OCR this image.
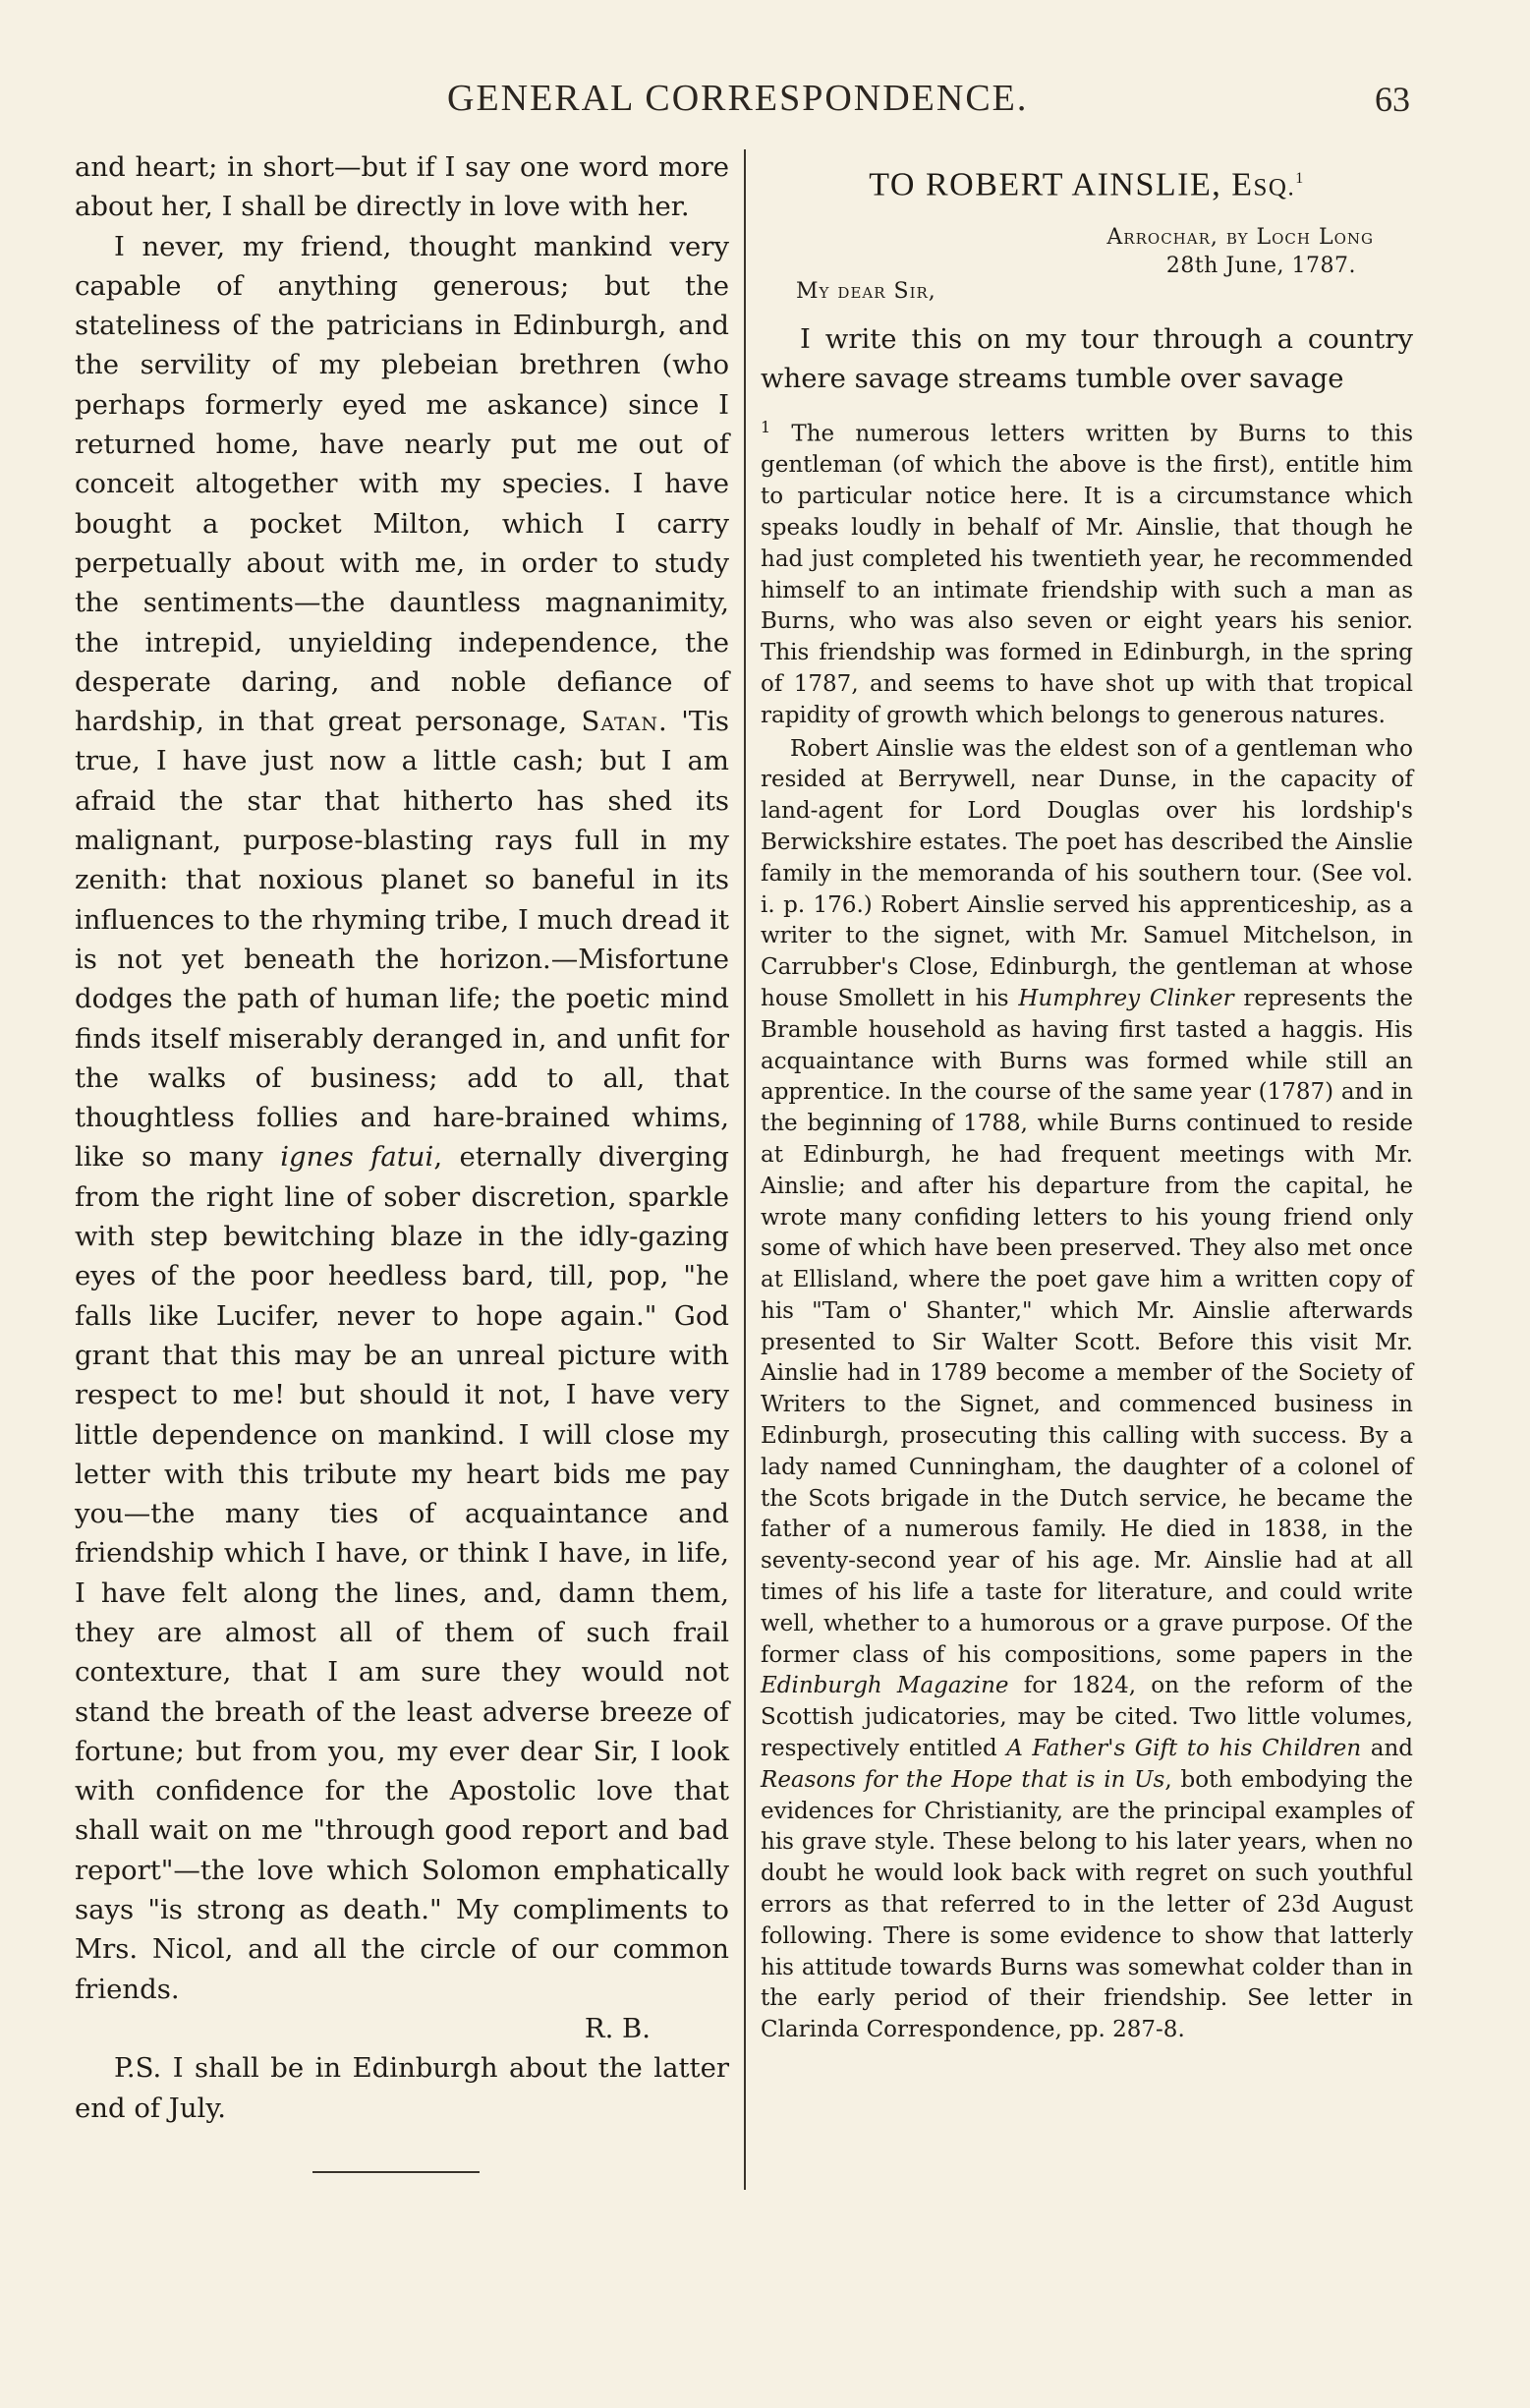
GENERAL CORRESPONDENCE.	63

and heart; in short—but if I say one word more about her, I shall be directly in love with her.

I never, my friend, thought mankind very capable of anything generous; but the stateliness of the patricians in Edinburgh, and the servility of my plebeian brethren (who perhaps formerly eyed me askance) since I returned home, have nearly put me out of conceit altogether with my species. I have bought a pocket Milton, which I carry perpetually about with me, in order to study the sentiments—the dauntless magnanimity, the intrepid, unyielding independence, the desperate daring, and noble defiance of hardship, in that great personage, Satan. 'Tis true, I have just now a little cash; but I am afraid the star that hitherto has shed its malignant, purpose-blasting rays full in my zenith: that noxious planet so baneful in its influences to the rhyming tribe, I much dread it is not yet beneath the horizon.—Misfortune dodges the path of human life; the poetic mind finds itself miserably deranged in, and unfit for the walks of business; add to all, that thoughtless follies and hare-brained whims, like so many ignes fatui, eternally diverging from the right line of sober discretion, sparkle with step bewitching blaze in the idly-gazing eyes of the poor heedless bard, till, pop, "he falls like Lucifer, never to hope again." God grant that this may be an unreal picture with respect to me! but should it not, I have very little dependence on mankind. I will close my letter with this tribute my heart bids me pay you—the many ties of acquaintance and friendship which I have, or think I have, in life, I have felt along the lines, and, damn them, they are almost all of them of such frail contexture, that I am sure they would not stand the breath of the least adverse breeze of fortune; but from you, my ever dear Sir, I look with confidence for the Apostolic love that shall wait on me "through good report and bad report"—the love which Solomon emphatically says "is strong as death." My compliments to Mrs. Nicol, and all the circle of our common friends.

R. B.

P.S. I shall be in Edinburgh about the latter end of July.

TO ROBERT AINSLIE, ESQ.$^1$
Arrochar, by Loch Long
28th June, 1787.
My dear Sir,

I write this on my tour through a country where savage streams tumble over savage

$^1$ The numerous letters written by Burns to this gentleman (of which the above is the first), entitle him to particular notice here. It is a circumstance which speaks loudly in behalf of Mr. Ainslie, that though he had just completed his twentieth year, he recommended himself to an intimate friendship with such a man as Burns, who was also seven or eight years his senior. This friendship was formed in Edinburgh, in the spring of 1787, and seems to have shot up with that tropical rapidity of growth which belongs to generous natures.

Robert Ainslie was the eldest son of a gentleman who resided at Berrywell, near Dunse, in the capacity of land-agent for Lord Douglas over his lordship's Berwickshire estates. The poet has described the Ainslie family in the memoranda of his southern tour. (See vol. i. p. 176.) Robert Ainslie served his apprenticeship, as a writer to the signet, with Mr. Samuel Mitchelson, in Carrubber's Close, Edinburgh, the gentleman at whose house Smollett in his Humphrey Clinker represents the Bramble household as having first tasted a haggis. His acquaintance with Burns was formed while still an apprentice. In the course of the same year (1787) and in the beginning of 1788, while Burns continued to reside at Edinburgh, he had frequent meetings with Mr. Ainslie; and after his departure from the capital, he wrote many confiding letters to his young friend only some of which have been preserved. They also met once at Ellisland, where the poet gave him a written copy of his "Tam o' Shanter," which Mr. Ainslie afterwards presented to Sir Walter Scott. Before this visit Mr. Ainslie had in 1789 become a member of the Society of Writers to the Signet, and commenced business in Edinburgh, prosecuting this calling with success. By a lady named Cunningham, the daughter of a colonel of the Scots brigade in the Dutch service, he became the father of a numerous family. He died in 1838, in the seventy-second year of his age. Mr. Ainslie had at all times of his life a taste for literature, and could write well, whether to a humorous or a grave purpose. Of the former class of his compositions, some papers in the Edinburgh Magazine for 1824, on the reform of the Scottish judicatories, may be cited. Two little volumes, respectively entitled A Father's Gift to his Children and Reasons for the Hope that is in Us, both embodying the evidences for Christianity, are the principal examples of his grave style. These belong to his later years, when no doubt he would look back with regret on such youthful errors as that referred to in the letter of 23d August following. There is some evidence to show that latterly his attitude towards Burns was somewhat colder than in the early period of their friendship. See letter in Clarinda Correspondence, pp. 287-8.
